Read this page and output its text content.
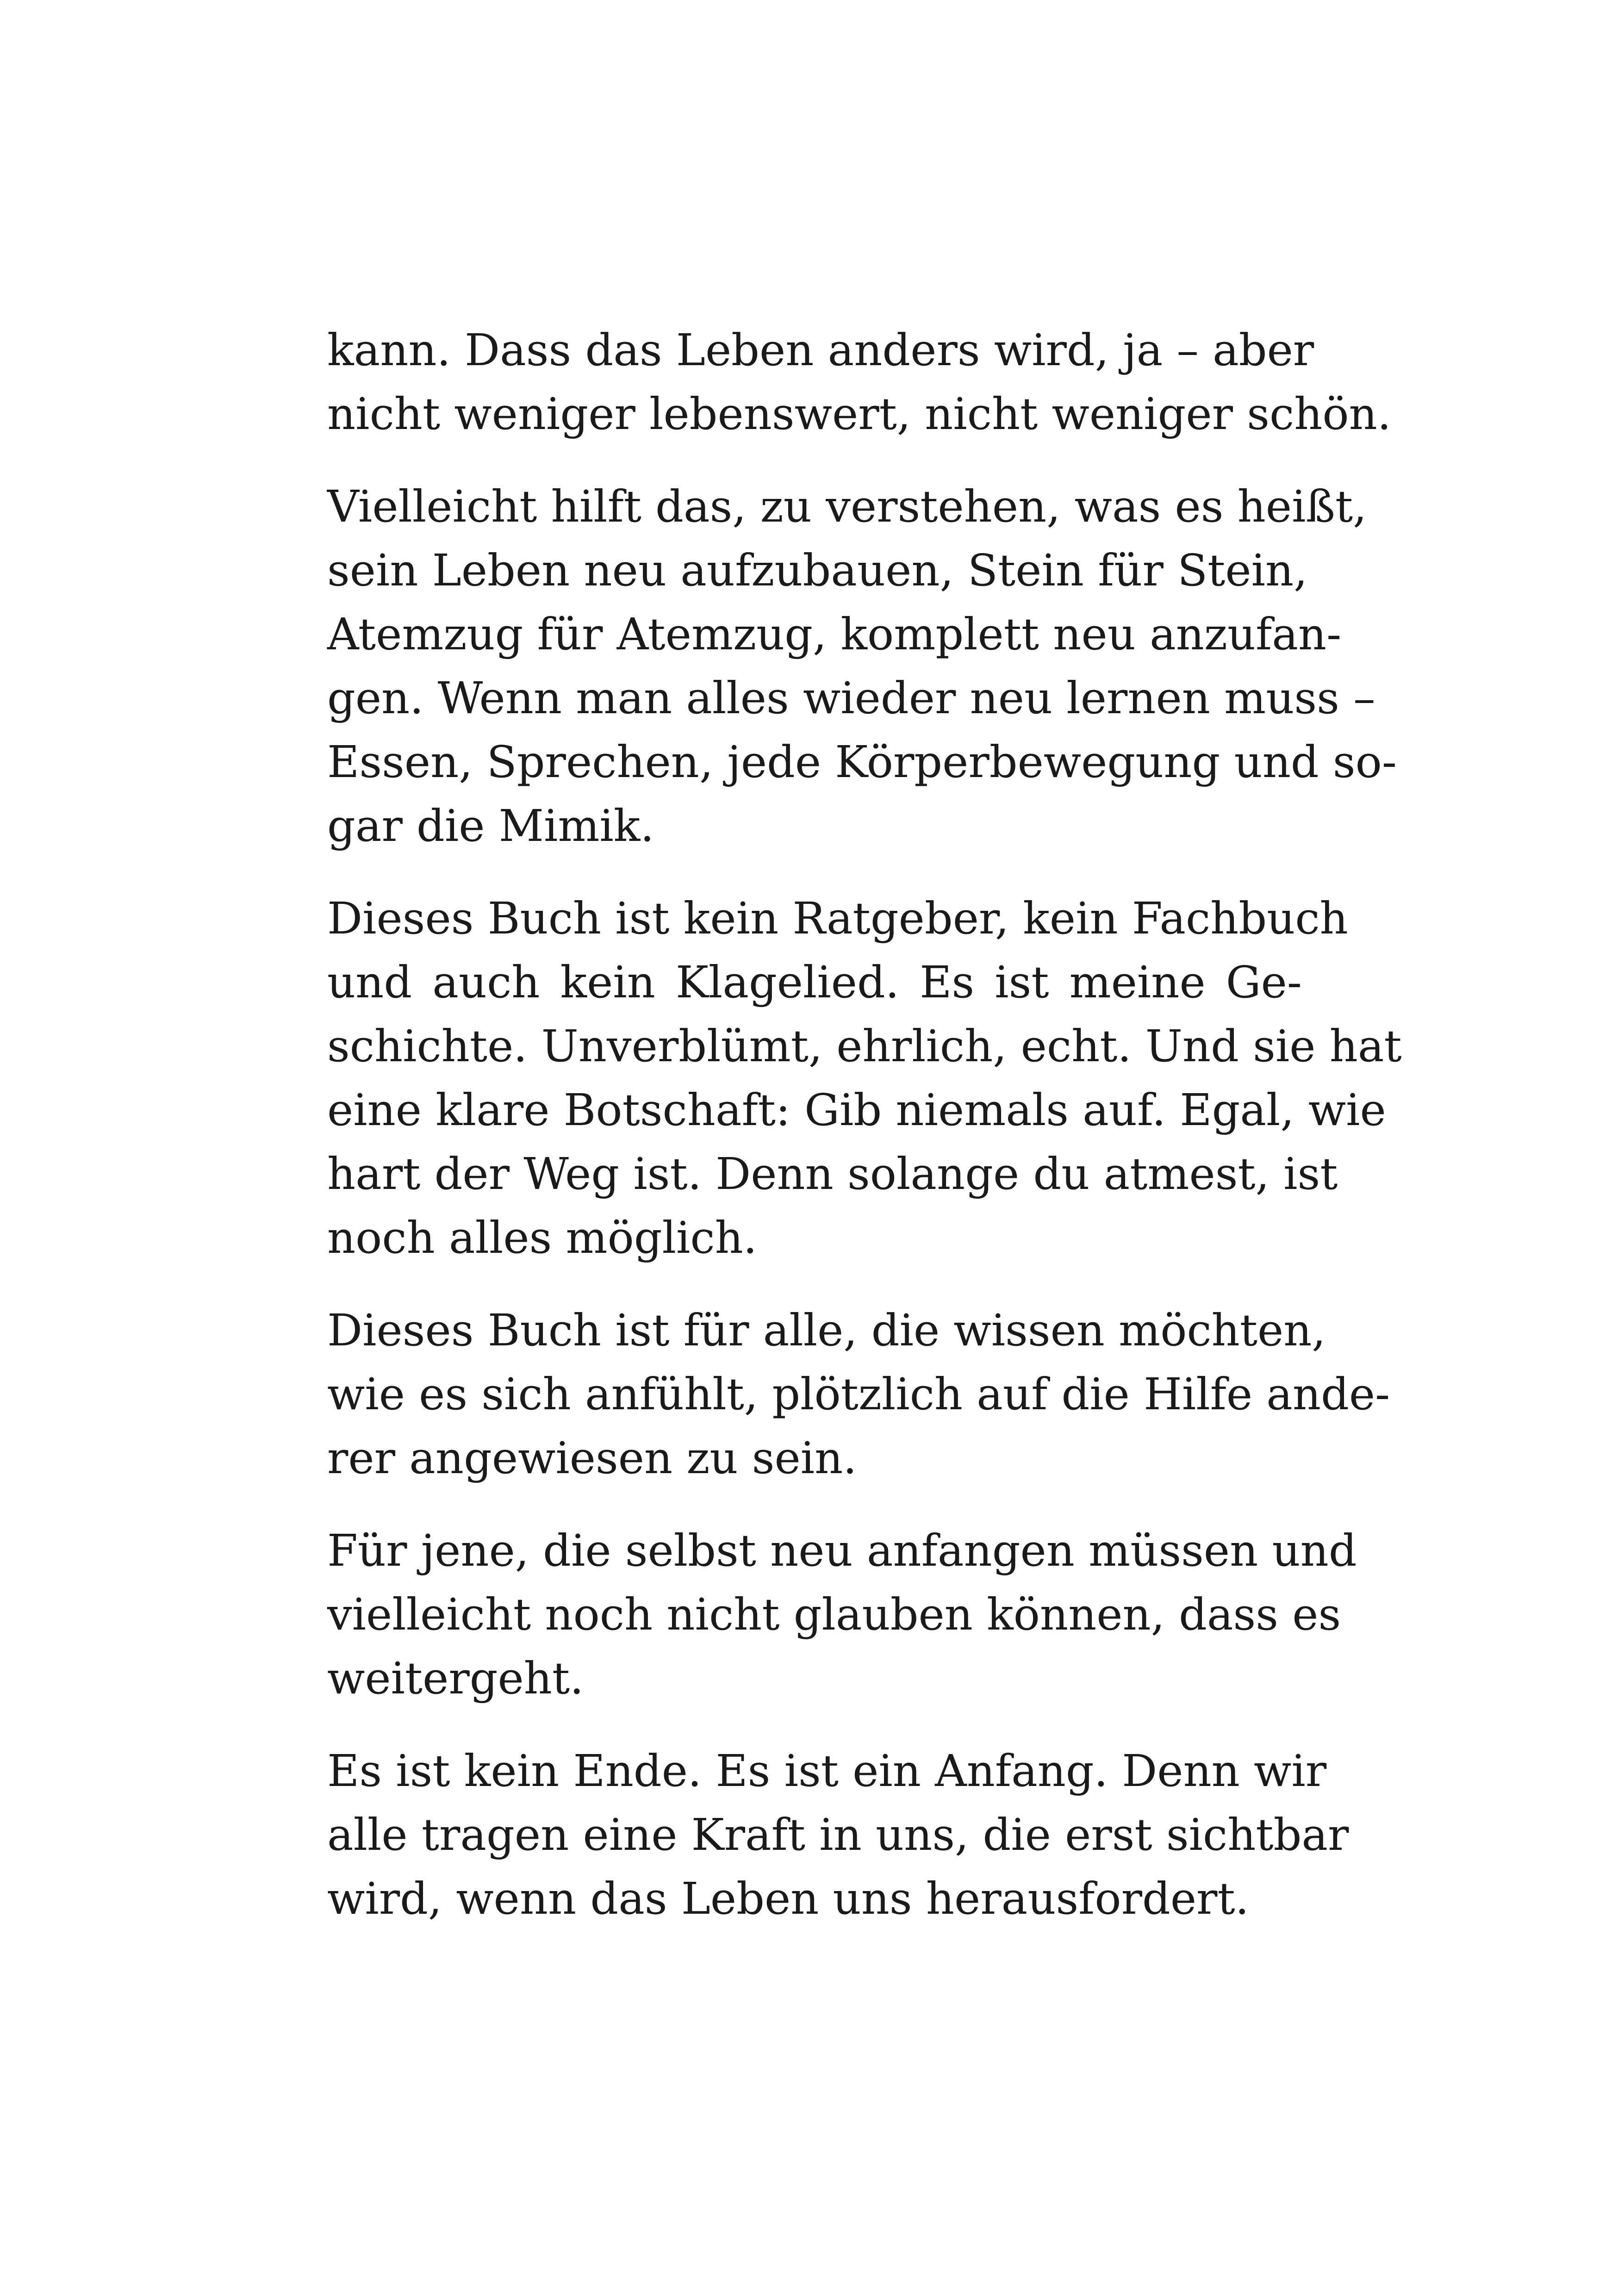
kann. Dass das Leben anders wird, ja – aber
nicht weniger lebenswert, nicht weniger schön.
Vielleicht hilft das, zu verstehen, was es heißt,
sein Leben neu aufzubauen, Stein für Stein,
Atemzug für Atemzug, komplett neu anzufan-
gen. Wenn man alles wieder neu lernen muss –
Essen, Sprechen, jede Körperbewegung und so-
gar die Mimik.
Dieses Buch ist kein Ratgeber, kein Fachbuch
und auch kein Klagelied. Es ist meine Ge-
schichte. Unverblümt, ehrlich, echt. Und sie hat
eine klare Botschaft: Gib niemals auf. Egal, wie
hart der Weg ist. Denn solange du atmest, ist
noch alles möglich.
Dieses Buch ist für alle, die wissen möchten,
wie es sich anfühlt, plötzlich auf die Hilfe ande-
rer angewiesen zu sein.
Für jene, die selbst neu anfangen müssen und
vielleicht noch nicht glauben können, dass es
weitergeht.
Es ist kein Ende. Es ist ein Anfang. Denn wir
alle tragen eine Kraft in uns, die erst sichtbar
wird, wenn das Leben uns herausfordert.
